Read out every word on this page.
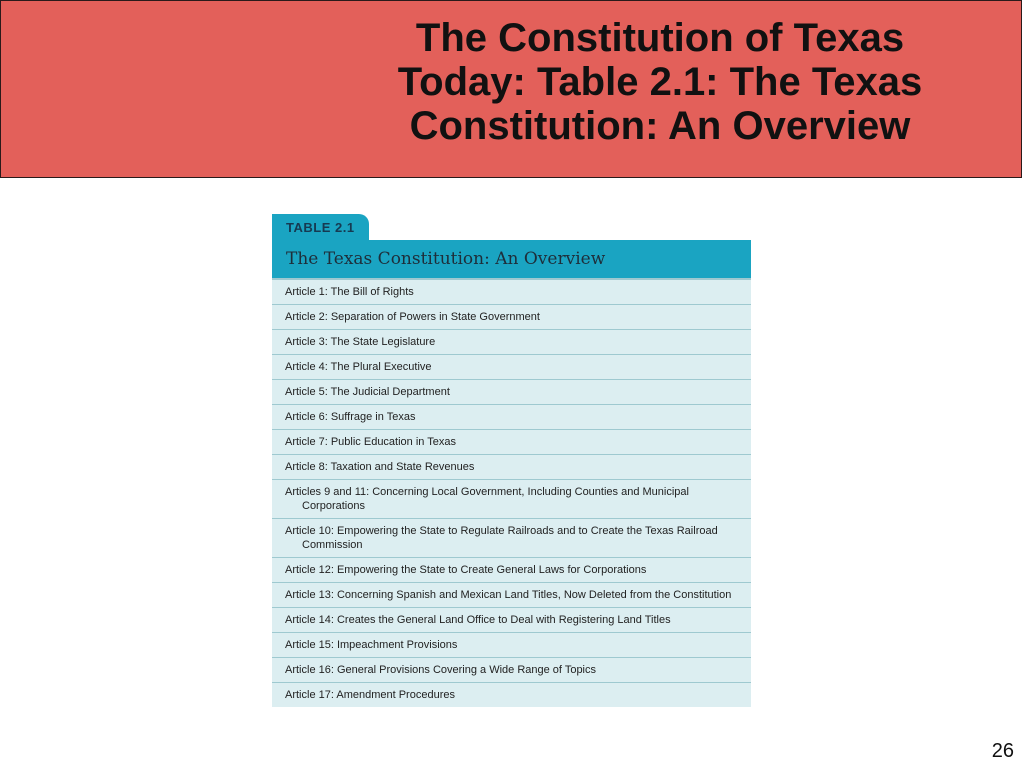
The Constitution of Texas
Today: Table 2.1: The Texas
Constitution: An Overview
TABLE 2.1
The Texas Constitution: An Overview
Article 1: The Bill of Rights
Article 2: Separation of Powers in State Government
Article 3: The State Legislature
Article 4: The Plural Executive
Article 5: The Judicial Department
Article 6: Suffrage in Texas
Article 7: Public Education in Texas
Article 8: Taxation and State Revenues
Articles 9 and 11: Concerning Local Government, Including Counties and Municipal Corporations
Article 10: Empowering the State to Regulate Railroads and to Create the Texas Railroad Commission
Article 12: Empowering the State to Create General Laws for Corporations
Article 13: Concerning Spanish and Mexican Land Titles, Now Deleted from the Constitution
Article 14: Creates the General Land Office to Deal with Registering Land Titles
Article 15: Impeachment Provisions
Article 16: General Provisions Covering a Wide Range of Topics
Article 17: Amendment Procedures
26
